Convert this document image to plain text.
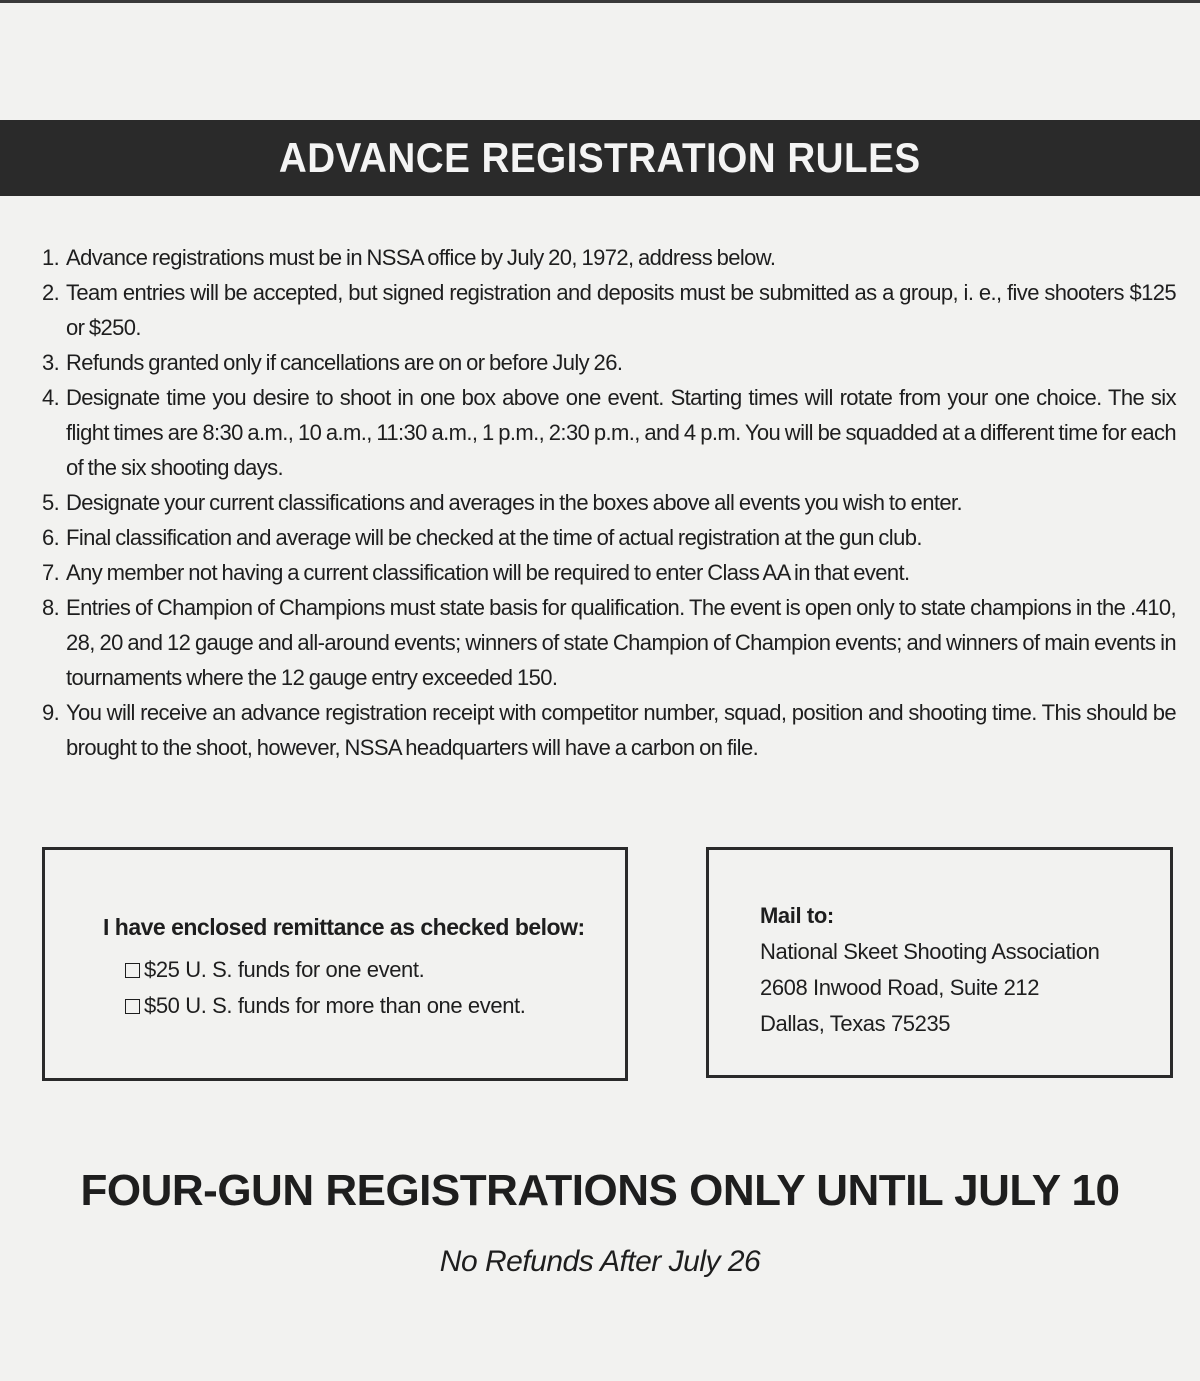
ADVANCE REGISTRATION RULES
1. Advance registrations must be in NSSA office by July 20, 1972, address below.
2. Team entries will be accepted, but signed registration and deposits must be submitted as a group, i. e., five shooters $125 or $250.
3. Refunds granted only if cancellations are on or before July 26.
4. Designate time you desire to shoot in one box above one event. Starting times will rotate from your one choice. The six flight times are 8:30 a.m., 10 a.m., 11:30 a.m., 1 p.m., 2:30 p.m., and 4 p.m. You will be squadded at a different time for each of the six shooting days.
5. Designate your current classifications and averages in the boxes above all events you wish to enter.
6. Final classification and average will be checked at the time of actual registration at the gun club.
7. Any member not having a current classification will be required to enter Class AA in that event.
8. Entries of Champion of Champions must state basis for qualification. The event is open only to state champions in the .410, 28, 20 and 12 gauge and all-around events; winners of state Champion of Champion events; and winners of main events in tournaments where the 12 gauge entry exceeded 150.
9. You will receive an advance registration receipt with competitor number, squad, position and shooting time. This should be brought to the shoot, however, NSSA headquarters will have a carbon on file.

I have enclosed remittance as checked below:

$25 U. S. funds for one event.
$50 U. S. funds for more than one event.
Mail to:
National Skeet Shooting Association
2608 Inwood Road, Suite 212
Dallas, Texas 75235
FOUR-GUN REGISTRATIONS ONLY UNTIL JULY 10
No Refunds After July 26
